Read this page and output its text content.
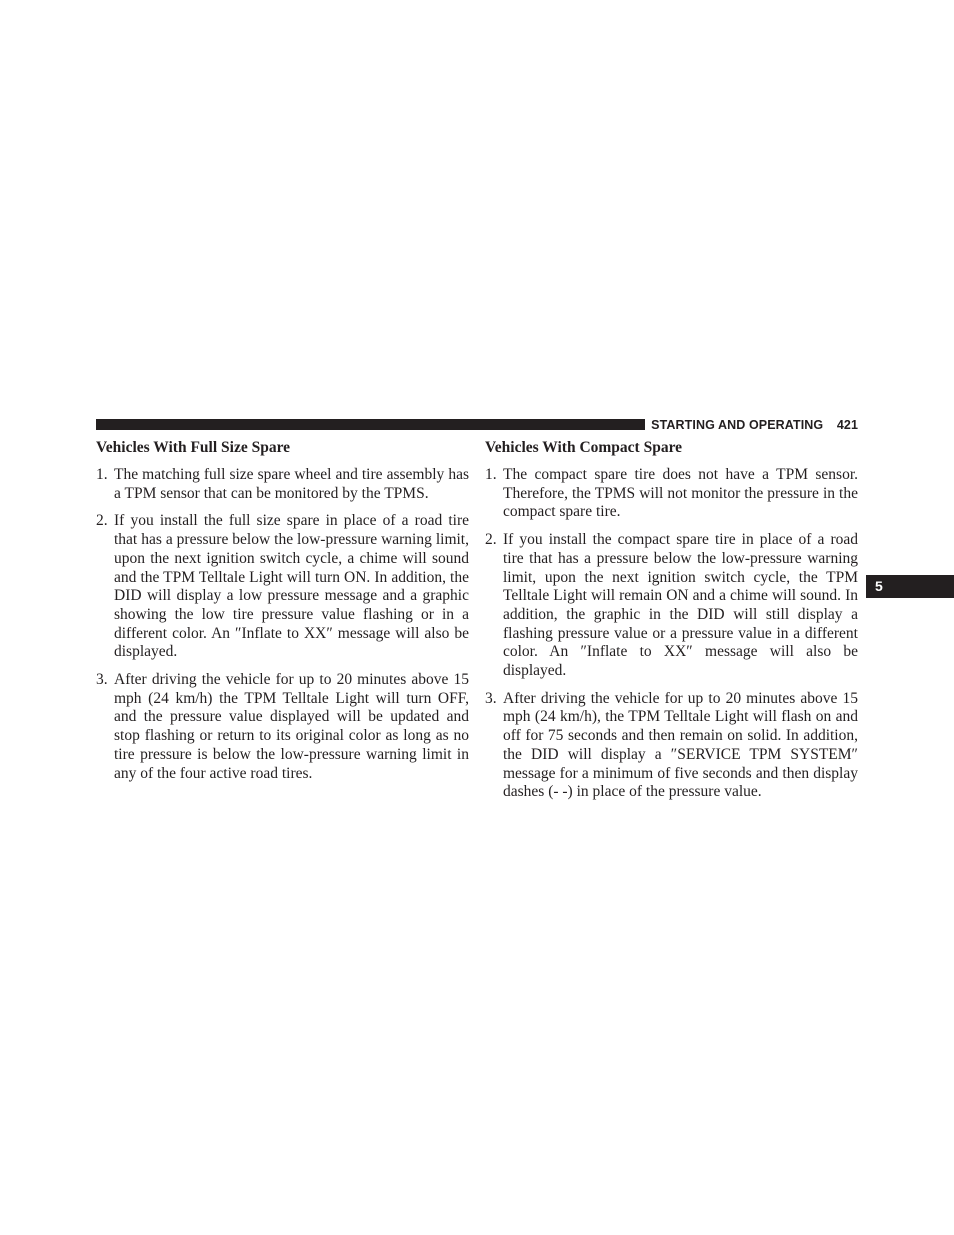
STARTING AND OPERATING 421
5
Vehicles With Full Size Spare
1. The matching full size spare wheel and tire assembly has a TPM sensor that can be monitored by the TPMS.
2. If you install the full size spare in place of a road tire that has a pressure below the low-pressure warning limit, upon the next ignition switch cycle, a chime will sound and the TPM Telltale Light will turn ON. In addition, the DID will display a low pressure message and a graphic showing the low tire pressure value flashing or in a different color. An ″Inflate to XX″ message will also be displayed.
3. After driving the vehicle for up to 20 minutes above 15 mph (24 km/h) the TPM Telltale Light will turn OFF, and the pressure value displayed will be updated and stop flashing or return to its original color as long as no tire pressure is below the low-pressure warning limit in any of the four active road tires.
Vehicles With Compact Spare
1. The compact spare tire does not have a TPM sensor. Therefore, the TPMS will not monitor the pressure in the compact spare tire.
2. If you install the compact spare tire in place of a road tire that has a pressure below the low-pressure warning limit, upon the next ignition switch cycle, the TPM Telltale Light will remain ON and a chime will sound. In addition, the graphic in the DID will still display a flashing pressure value or a pressure value in a different color. An ″Inflate to XX″ message will also be displayed.
3. After driving the vehicle for up to 20 minutes above 15 mph (24 km/h), the TPM Telltale Light will flash on and off for 75 seconds and then remain on solid. In addition, the DID will display a ″SERVICE TPM SYSTEM″ message for a minimum of five seconds and then display dashes (- -) in place of the pressure value.
